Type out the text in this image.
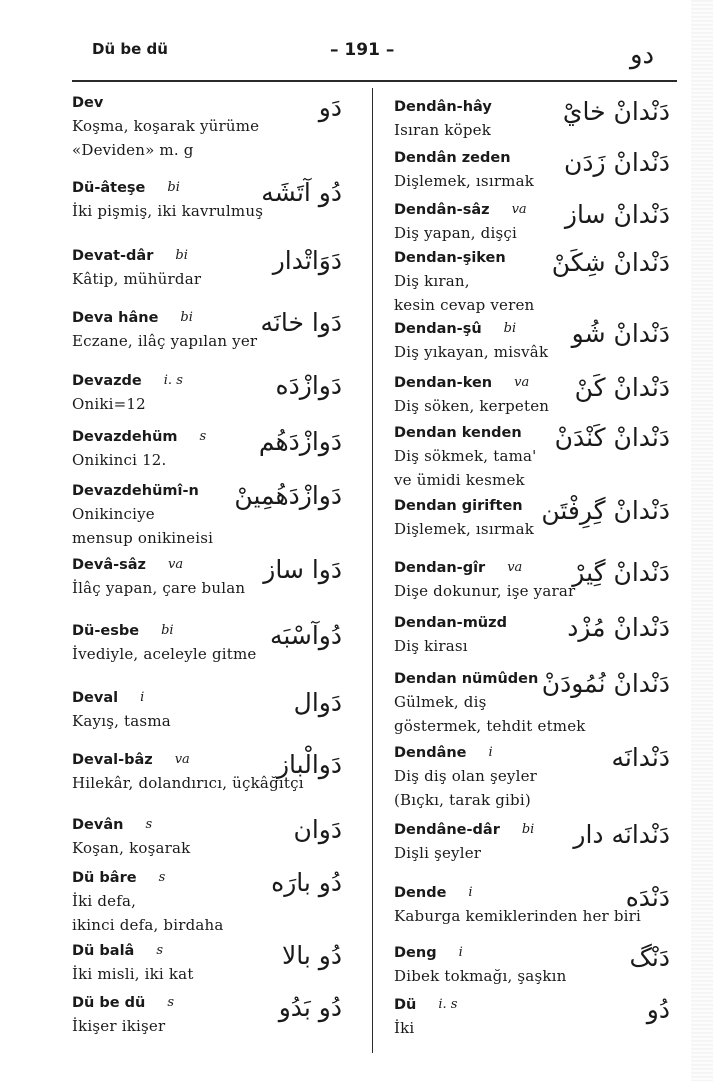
Dü be dü	– 191 –	دو
Dev
Koşma, koşarak yürüme
«Deviden» m. g
دَو
Dü-âteşe bi
İki pişmiş, iki kavrulmuş
دُو آتَشَه
Devat-dâr bi
Kâtip, mühürdar
دَوَاتْدار
Deva hâne bi
Eczane, ilâç yapılan yer
دَوا خانَه
Devazde i. s
Oniki=12
دَوازْدَه
Devazdehüm s
Onikinci 12.
دَوازْدَهُم
Devazdehümî-n
Onikinciye
mensup onikineisi
دَوازْدَهُمِينْ
Devâ-sâz va
İlâç yapan, çare bulan
دَوا ساز
Dü-esbe bi
İvediyle, aceleyle gitme
دُوآسْبَه
Deval i
Kayış, tasma
دَوال
Deval-bâz va
Hilekâr, dolandırıcı, üçkâğıtçı
دَوالْباز
Devân s
Koşan, koşarak
دَوان
Dü bâre s
İki defa,
ikinci defa, birdaha
دُو بارَه
Dü balâ s
İki misli, iki kat
دُو بالا
Dü be dü s
İkişer ikişer
دُو بَدُو
Dendân-hây
Isıran köpek
دَنْدانْ خايْ
Dendân zeden
Dişlemek, ısırmak
دَنْدانْ زَدَن
Dendân-sâz va
Diş yapan, dişçi
دَنْدانْ ساز
Dendan-şiken
Diş kıran,
kesin cevap veren
دَنْدانْ شِكَنْ
Dendan-şû bi
Diş yıkayan, misvâk
دَنْدانْ شُو
Dendan-ken va
Diş söken, kerpeten
دَنْدانْ كَنْ
Dendan kenden
Diş sökmek, tama'
ve ümidi kesmek
دَنْدانْ كَنْدَنْ
Dendan giriften
Dişlemek, ısırmak
دَنْدانْ گِرِفْتَن
Dendan-gîr va
Dişe dokunur, işe yarar
دَنْدانْ گِيرْ
Dendan-müzd
Diş kirası
دَنْدانْ مُزْد
Dendan nümûden
Gülmek, diş
göstermek, tehdit etmek
دَنْدانْ نُمُودَنْ
Dendâne i
Diş diş olan şeyler
(Bıçkı, tarak gibi)
دَنْدانَه
Dendâne-dâr bi
Dişli şeyler
دَنْدانَه دار
Dende i
Kaburga kemiklerinden her biri
دَنْدَه
Deng i
Dibek tokmağı, şaşkın
دَنْگ
Dü i. s
İki
دُو
